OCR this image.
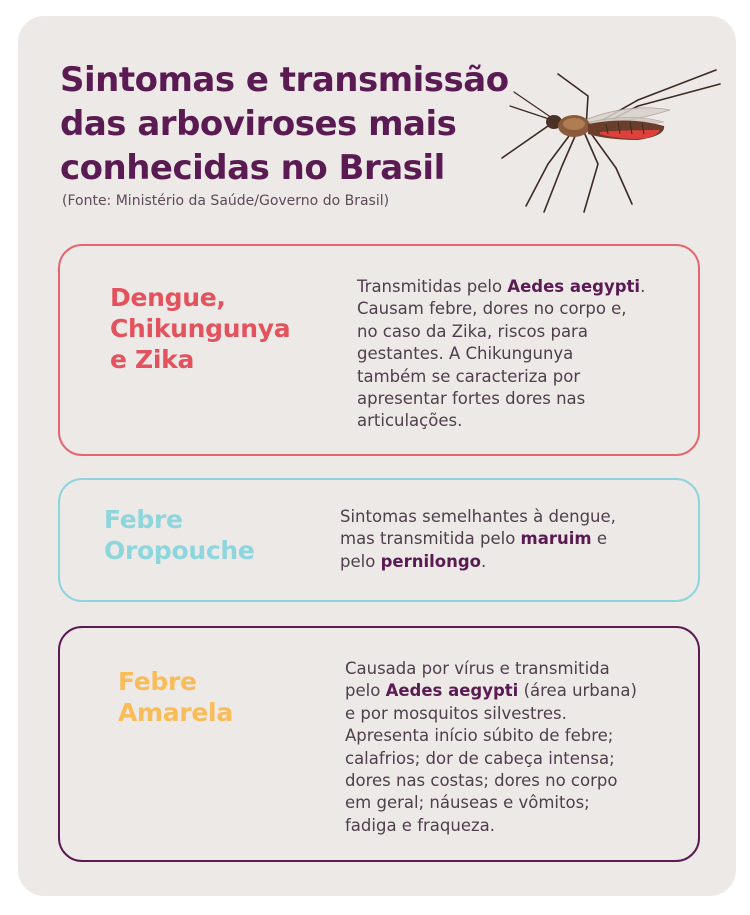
Sintomas e transmissão
das arboviroses mais
conhecidas no Brasil

(Fonte: Ministério da Saúde/Governo do Brasil)

Dengue,
Chikungunya
e Zika

Transmitidas pelo Aedes aegypti.
Causam febre, dores no corpo e,
no caso da Zika, riscos para
gestantes. A Chikungunya
também se caracteriza por
apresentar fortes dores nas
articulações.

Febre
Oropouche

Sintomas semelhantes à dengue,
mas transmitida pelo maruim e
pelo pernilongo.

Febre
Amarela

Causada por vírus e transmitida
pelo Aedes aegypti (área urbana)
e por mosquitos silvestres.
Apresenta início súbito de febre;
calafrios; dor de cabeça intensa;
dores nas costas; dores no corpo
em geral; náuseas e vômitos;
fadiga e fraqueza.
